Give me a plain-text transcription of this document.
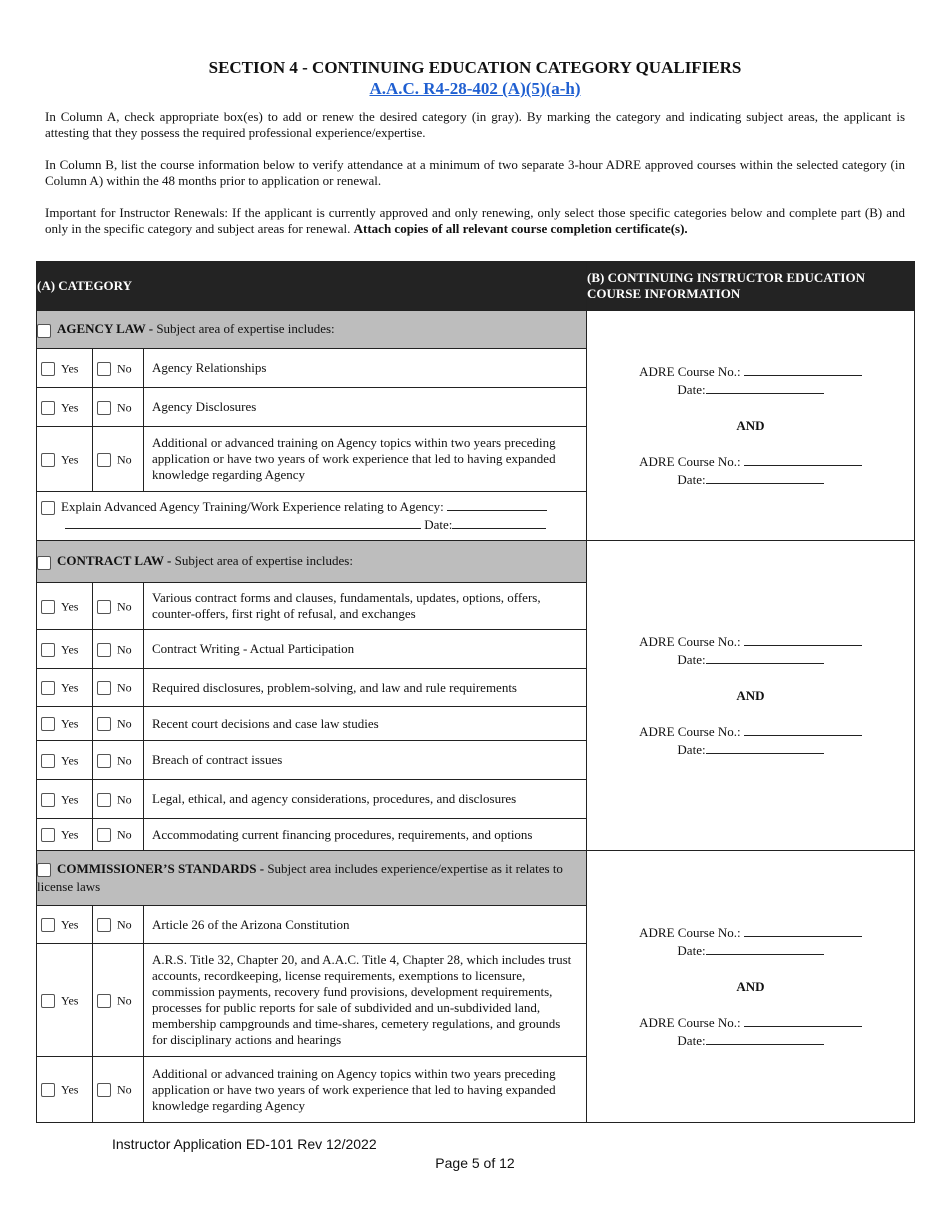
SECTION 4 - CONTINUING EDUCATION CATEGORY QUALIFIERS
A.A.C. R4-28-402 (A)(5)(a-h)
In Column A, check appropriate box(es) to add or renew the desired category (in gray). By marking the category and indicating subject areas, the applicant is attesting that they possess the required professional experience/expertise.
In Column B, list the course information below to verify attendance at a minimum of two separate 3-hour ADRE approved courses within the selected category (in Column A) within the 48 months prior to application or renewal.
Important for Instructor Renewals: If the applicant is currently approved and only renewing, only select those specific categories below and complete part (B) and only in the specific category and subject areas for renewal. Attach copies of all relevant course completion certificate(s).
(A) CATEGORY			(B) CONTINUING INSTRUCTOR EDUCATION COURSE INFORMATION
AGENCY LAW - Subject area of expertise includes:			ADRE Course No.:
Date:
AND
ADRE Course No.:
Date:

Yes	No	Agency Relationships	
Yes	No	Agency Disclosures	
Yes	No	Additional or advanced training on Agency topics within two years preceding application or have two years of work experience that led to having expanded knowledge regarding Agency	

Explain Advanced Agency Training/Work Experience relating to Agency:
Date:			

CONTRACT LAW - Subject area of expertise includes:			ADRE Course No.:
Date:
AND
ADRE Course No.:
Date:

Yes	No	Various contract forms and clauses, fundamentals, updates, options, offers, counter-offers, first right of refusal, and exchanges	
Yes	No	Contract Writing - Actual Participation	
Yes	No	Required disclosures, problem-solving, and law and rule requirements	
Yes	No	Recent court decisions and case law studies	
Yes	No	Breach of contract issues	
Yes	No	Legal, ethical, and agency considerations, procedures, and disclosures	
Yes	No	Accommodating current financing procedures, requirements, and options	
COMMISSIONER’S STANDARDS - Subject area includes experience/expertise as it relates to license laws			ADRE Course No.:
Date:
AND
ADRE Course No.:
Date:

Yes	No	Article 26 of the Arizona Constitution	
Yes	No	A.R.S. Title 32, Chapter 20, and A.A.C. Title 4, Chapter 28, which includes trust accounts, recordkeeping, license requirements, exemptions to licensure, commission payments, recovery fund provisions, development requirements, processes for public reports for sale of subdivided and un-subdivided land, membership campgrounds and time-shares, cemetery regulations, and grounds for disciplinary actions and hearings	
Yes	No	Additional or advanced training on Agency topics within two years preceding application or have two years of work experience that led to having expanded knowledge regarding Agency	
Instructor Application ED-101 Rev 12/2022
Page 5 of 12
